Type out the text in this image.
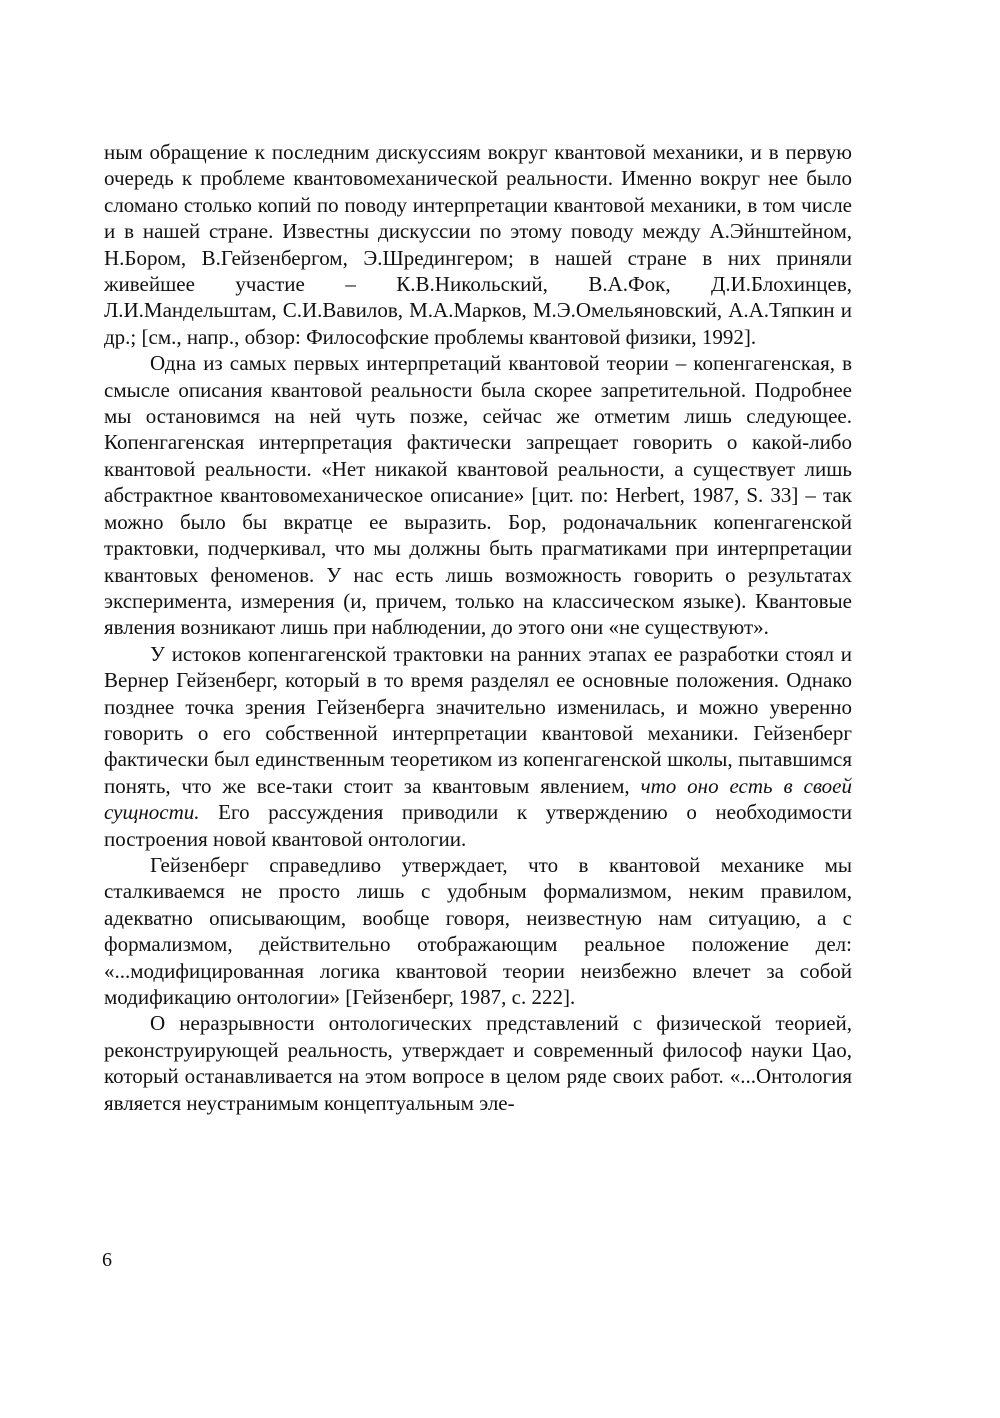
ным обращение к последним дискуссиям вокруг квантовой механики, и в первую очередь к проблеме квантовомеханической реальности. Именно вокруг нее было сломано столько копий по поводу интерпретации квантовой механики, в том числе и в нашей стране. Известны дискуссии по этому поводу между А.Эйнштейном, Н.Бором, В.Гейзенбергом, Э.Шредингером; в нашей стране в них приняли живейшее участие – К.В.Никольский, В.А.Фок, Д.И.Блохинцев, Л.И.Мандельштам, С.И.Вавилов, М.А.Марков, М.Э.Омельяновский, А.А.Тяпкин и др.; [см., напр., обзор: Философские проблемы квантовой физики, 1992].

Одна из самых первых интерпретаций квантовой теории – копенгагенская, в смысле описания квантовой реальности была скорее запретительной. Подробнее мы остановимся на ней чуть позже, сейчас же отметим лишь следующее. Копенгагенская интерпретация фактически запрещает говорить о какой-либо квантовой реальности. «Нет никакой квантовой реальности, а существует лишь абстрактное квантовомеханическое описание» [цит. по: Herbert, 1987, S. 33] – так можно было бы вкратце ее выразить. Бор, родоначальник копенгагенской трактовки, подчеркивал, что мы должны быть прагматиками при интерпретации квантовых феноменов. У нас есть лишь возможность говорить о результатах эксперимента, измерения (и, причем, только на классическом языке). Квантовые явления возникают лишь при наблюдении, до этого они «не существуют».

У истоков копенгагенской трактовки на ранних этапах ее разработки стоял и Вернер Гейзенберг, который в то время разделял ее основные положения. Однако позднее точка зрения Гейзенберга значительно изменилась, и можно уверенно говорить о его собственной интерпретации квантовой механики. Гейзенберг фактически был единственным теоретиком из копенгагенской школы, пытавшимся понять, что же все-таки стоит за квантовым явлением, что оно есть в своей сущности. Его рассуждения приводили к утверждению о необходимости построения новой квантовой онтологии.

Гейзенберг справедливо утверждает, что в квантовой механике мы сталкиваемся не просто лишь с удобным формализмом, неким правилом, адекватно описывающим, вообще говоря, неизвестную нам ситуацию, а с формализмом, действительно отображающим реальное положение дел: «...модифицированная логика квантовой теории неизбежно влечет за собой модификацию онтологии» [Гейзенберг, 1987, с. 222].

О неразрывности онтологических представлений с физической теорией, реконструирующей реальность, утверждает и современный философ науки Цао, который останавливается на этом вопросе в целом ряде своих работ. «...Онтология является неустранимым концептуальным эле-

6
